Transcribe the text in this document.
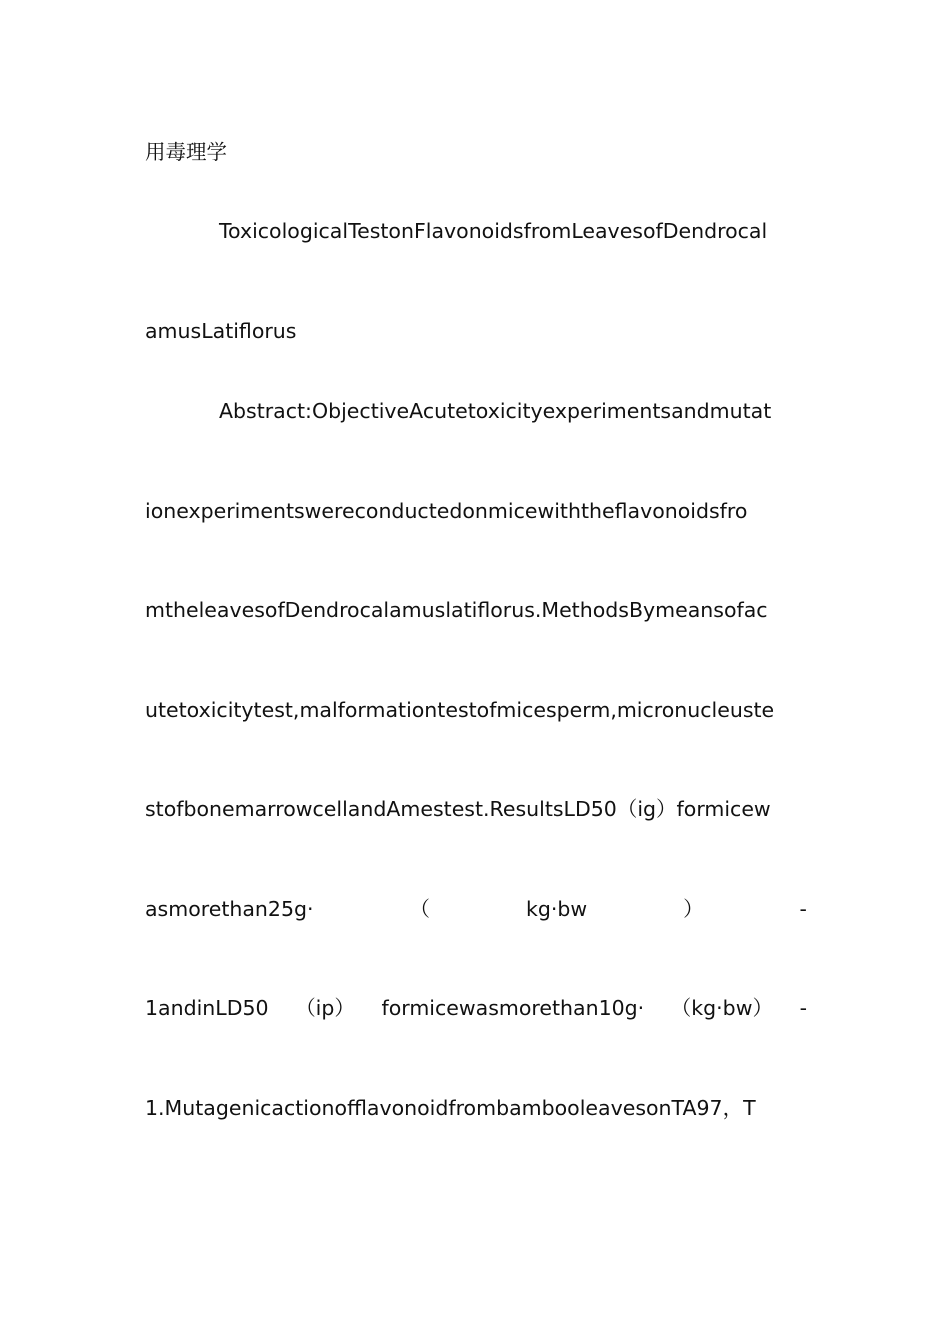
用毒理学
ToxicologicalTestonFlavonoidsfromLeavesofDendrocal
amusLatiflorus
Abstract:ObjectiveAcutetoxicityexperimentsandmutat
ionexperimentswereconductedonmicewiththeflavonoidsfro
mtheleavesofDendrocalamuslatiflorus.MethodsBymeansofac
utetoxicitytest,malformationtestofmicesperm,micronucleuste
stofbonemarrowcellandAmestest.ResultsLD50（ig）formicew
asmorethan25g·	（	kg·bw	）	-
1andinLD50 （ip） formicewasmorethan10g· （kg·bw） -
1.MutagenicactionofflavonoidfrombambooleavesonTA97，T
